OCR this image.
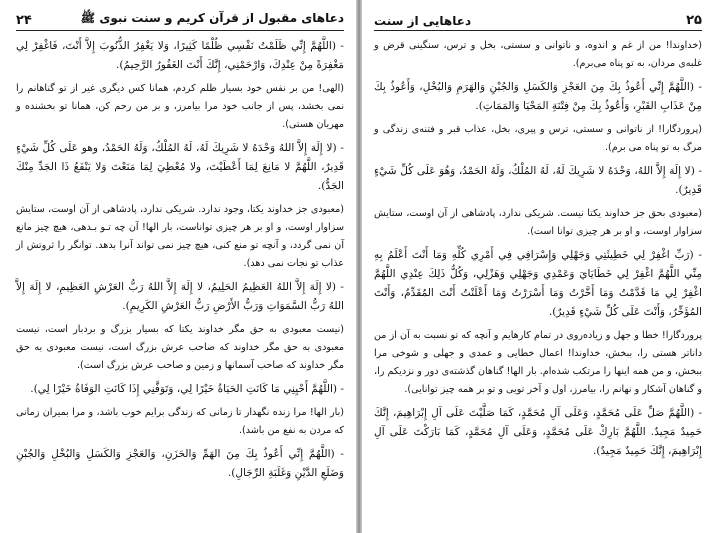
دعاهای مقبول از قرآن کریم و سنت نبوی ﷺ
۲۴

- (اللَّهُمَّ إِنِّي ظَلَمْتُ نَفْسِي ظُلْمًا كَثِيرًا، وَلا يَغْفِرُ الذُّنُوبَ إِلاَّ أَنْتَ، فَاغْفِرْ لِي مَغْفِرَةً مِنْ عِنْدِكَ، وَارْحَمْنِي، إِنَّكَ أَنْتَ الغَفُورُ الرَّحِيمُ).

(الهی! من بر نفس خود بسیار ظلم کردم، همانا کس دیگری غیر از تو گناهانم را نمی بخشد، پس از جانب خود مرا بیامرز، و بر من رحم کن، همانا تو بخشنده و مهربان هستی).

- (لا إِلَهَ إِلاَّ اللهُ وَحْدَهُ لا شَرِيكَ لَهُ، لَهُ المُلْكُ، وَلَهُ الحَمْدُ، وهو عَلَى كُلِّ شَيْءٍ قَدِيرٌ، اللَّهُمَّ لا مَانِعَ لِمَا أَعْطَيْتَ، ولا مُعْطِيَ لِمَا مَنَعْتَ وَلا يَنْفَعُ ذَا الجَدِّ مِنْكَ الجَدُّ).

(معبودی جز خداوند یکتا، وجود ندارد. شریکی ندارد، پادشاهی از آن اوست، ستایش سزاوار اوست، و او بر هر چیزی تواناست، بار الها! آن چه تـو بـدهی، هیچ چیز مانع آن نمی گردد، و آنچه تو منع کنی، هیچ چیز نمی تواند آنرا بدهد. توانگر را ثروتش از عذاب تو نجات نمی دهد).

- (لا إِلَهَ إِلاَّ اللهُ العَظِيمُ الحَلِيمُ، لا إِلَهَ إِلاَّ اللهُ رَبُّ العَرْشِ العَظِيمِ، لا إِلَهَ إِلاَّ اللهُ رَبُّ السَّمَوَاتِ وَرَبُّ الأَرْضِ رَبُّ العَرْشِ الكَرِيمِ).

(نیست معبودی به حق مگر خداوند یکتا که بسیار بزرگ و بردبار است، نیست معبودی به حق مگر خداوند که صاحب عرش بزرگ است، نیست معبودی به حق مگر خداوند که صاحب آسمانها و زمین و صاحب عرش بزرگ است).

- (اللَّهُمَّ أَحْيِنِي مَا كَانَتِ الحَيَاةُ خَيْرًا لِي، وَتَوَفَّنِي إِذَا كَانَتِ الوَفَاةُ خَيْرًا لِي).

(بار الها! مرا زنده نگهدار تا زمانی که زندگی برایم خوب باشد، و مرا بمیران زمانی که مردن به نفع من باشد).

- (اللَّهُمَّ إِنِّي أَعُوذُ بِكَ مِنَ الهَمِّ وَالحَزَنِ، وَالعَجْزِ وَالكَسَلِ وَالبُخْلِ وَالجُبْنِ وَضَلَعِ الدَّيْنِ وَغَلَبَةِ الرِّجَالِ).

۲۵
دعاهایی از سنت

(خداوندا! من از غم و اندوه، و ناتوانی و سستی، بخل و ترس، سنگینی قرض و غلبه‌ی مردان، به تو پناه می‌برم).

- (اللَّهُمَّ إِنِّي أَعُوذُ بِكَ مِنَ العَجْزِ وَالكَسَلِ وَالجُبْنِ وَالهَرَمِ وَالبُخْلِ، وَأَعُوذُ بِكَ مِنْ عَذَابِ القَبْرِ، وَأَعُوذُ بِكَ مِنْ فِتْنَةِ المَحْيَا وَالمَمَاتِ).

(پروردگارا! از ناتوانی و سستی، ترس و پیری، بخل، عذاب قبر و فتنه‌ی زندگی و مرگ به تو پناه می برم).

- (لا إِلَهَ إِلاَّ اللهُ، وَحْدَهُ لا شَرِيكَ لَهُ، لَهُ المُلْكُ، وَلَهُ الحَمْدُ، وَهُوَ عَلَى كُلِّ شَيْءٍ قَدِيرٌ).

(معبودی بحق جز خداوند یکتا نیست. شریکی ندارد، پادشاهی از آن اوست، ستایش سزاوار اوست، و او بر هر چیزی توانا است).

- (رَبِّ اغْفِرْ لِي خَطِيئَتِي وَجَهْلِي وَإِسْرَافِي فِي أَمْرِي كُلِّهِ وَمَا أَنْتَ أَعْلَمُ بِهِ مِنِّي اللَّهُمَّ اغْفِرْ لِي خَطَايَايَ وَعَمْدِي وَجَهْلِي وَهَزْلِي، وَكُلُّ ذَلِكَ عِنْدِي اللَّهُمَّ اغْفِرْ لِي مَا قَدَّمْتُ وَمَا أَخَّرْتُ وَمَا أَسْرَرْتُ وَمَا أَعْلَنْتُ أَنْتَ المُقَدِّمُ، وَأَنْتَ المُؤَخِّرُ، وَأَنْتَ عَلَى كُلِّ شَيْءٍ قَدِيرٌ).

پروردگارا! خطا و جهل و زیاده‌روی در تمام کارهایم و آنچه که تو نسبت به آن از من داناتر هستی را، ببخش، خداوندا! اعمال خطایی و عمدی و جهلی و شوخی مرا ببخش، و من همه اینها را مرتکب شده‌ام. بار الها! گناهان گذشته‌ی دور و نزدیکم را، و گناهان آشکار و نهانم را، بیامرز، اول و آخر تویی و تو بر همه چیز توانایی).

- (اللَّهُمَّ صَلِّ عَلَى مُحَمَّدٍ، وَعَلَى آلِ مُحَمَّدٍ، كَمَا صَلَّيْتَ عَلَى آلِ إِبْرَاهِيمَ، إِنَّكَ حَمِيدٌ مَجِيدٌ. اللَّهُمَّ بَارِكْ عَلَى مُحَمَّدٍ، وَعَلَى آلِ مُحَمَّدٍ، كَمَا بَارَكْتَ عَلَى آلِ إِبْرَاهِيمَ، إِنَّكَ حَمِيدٌ مَجِيدٌ).
